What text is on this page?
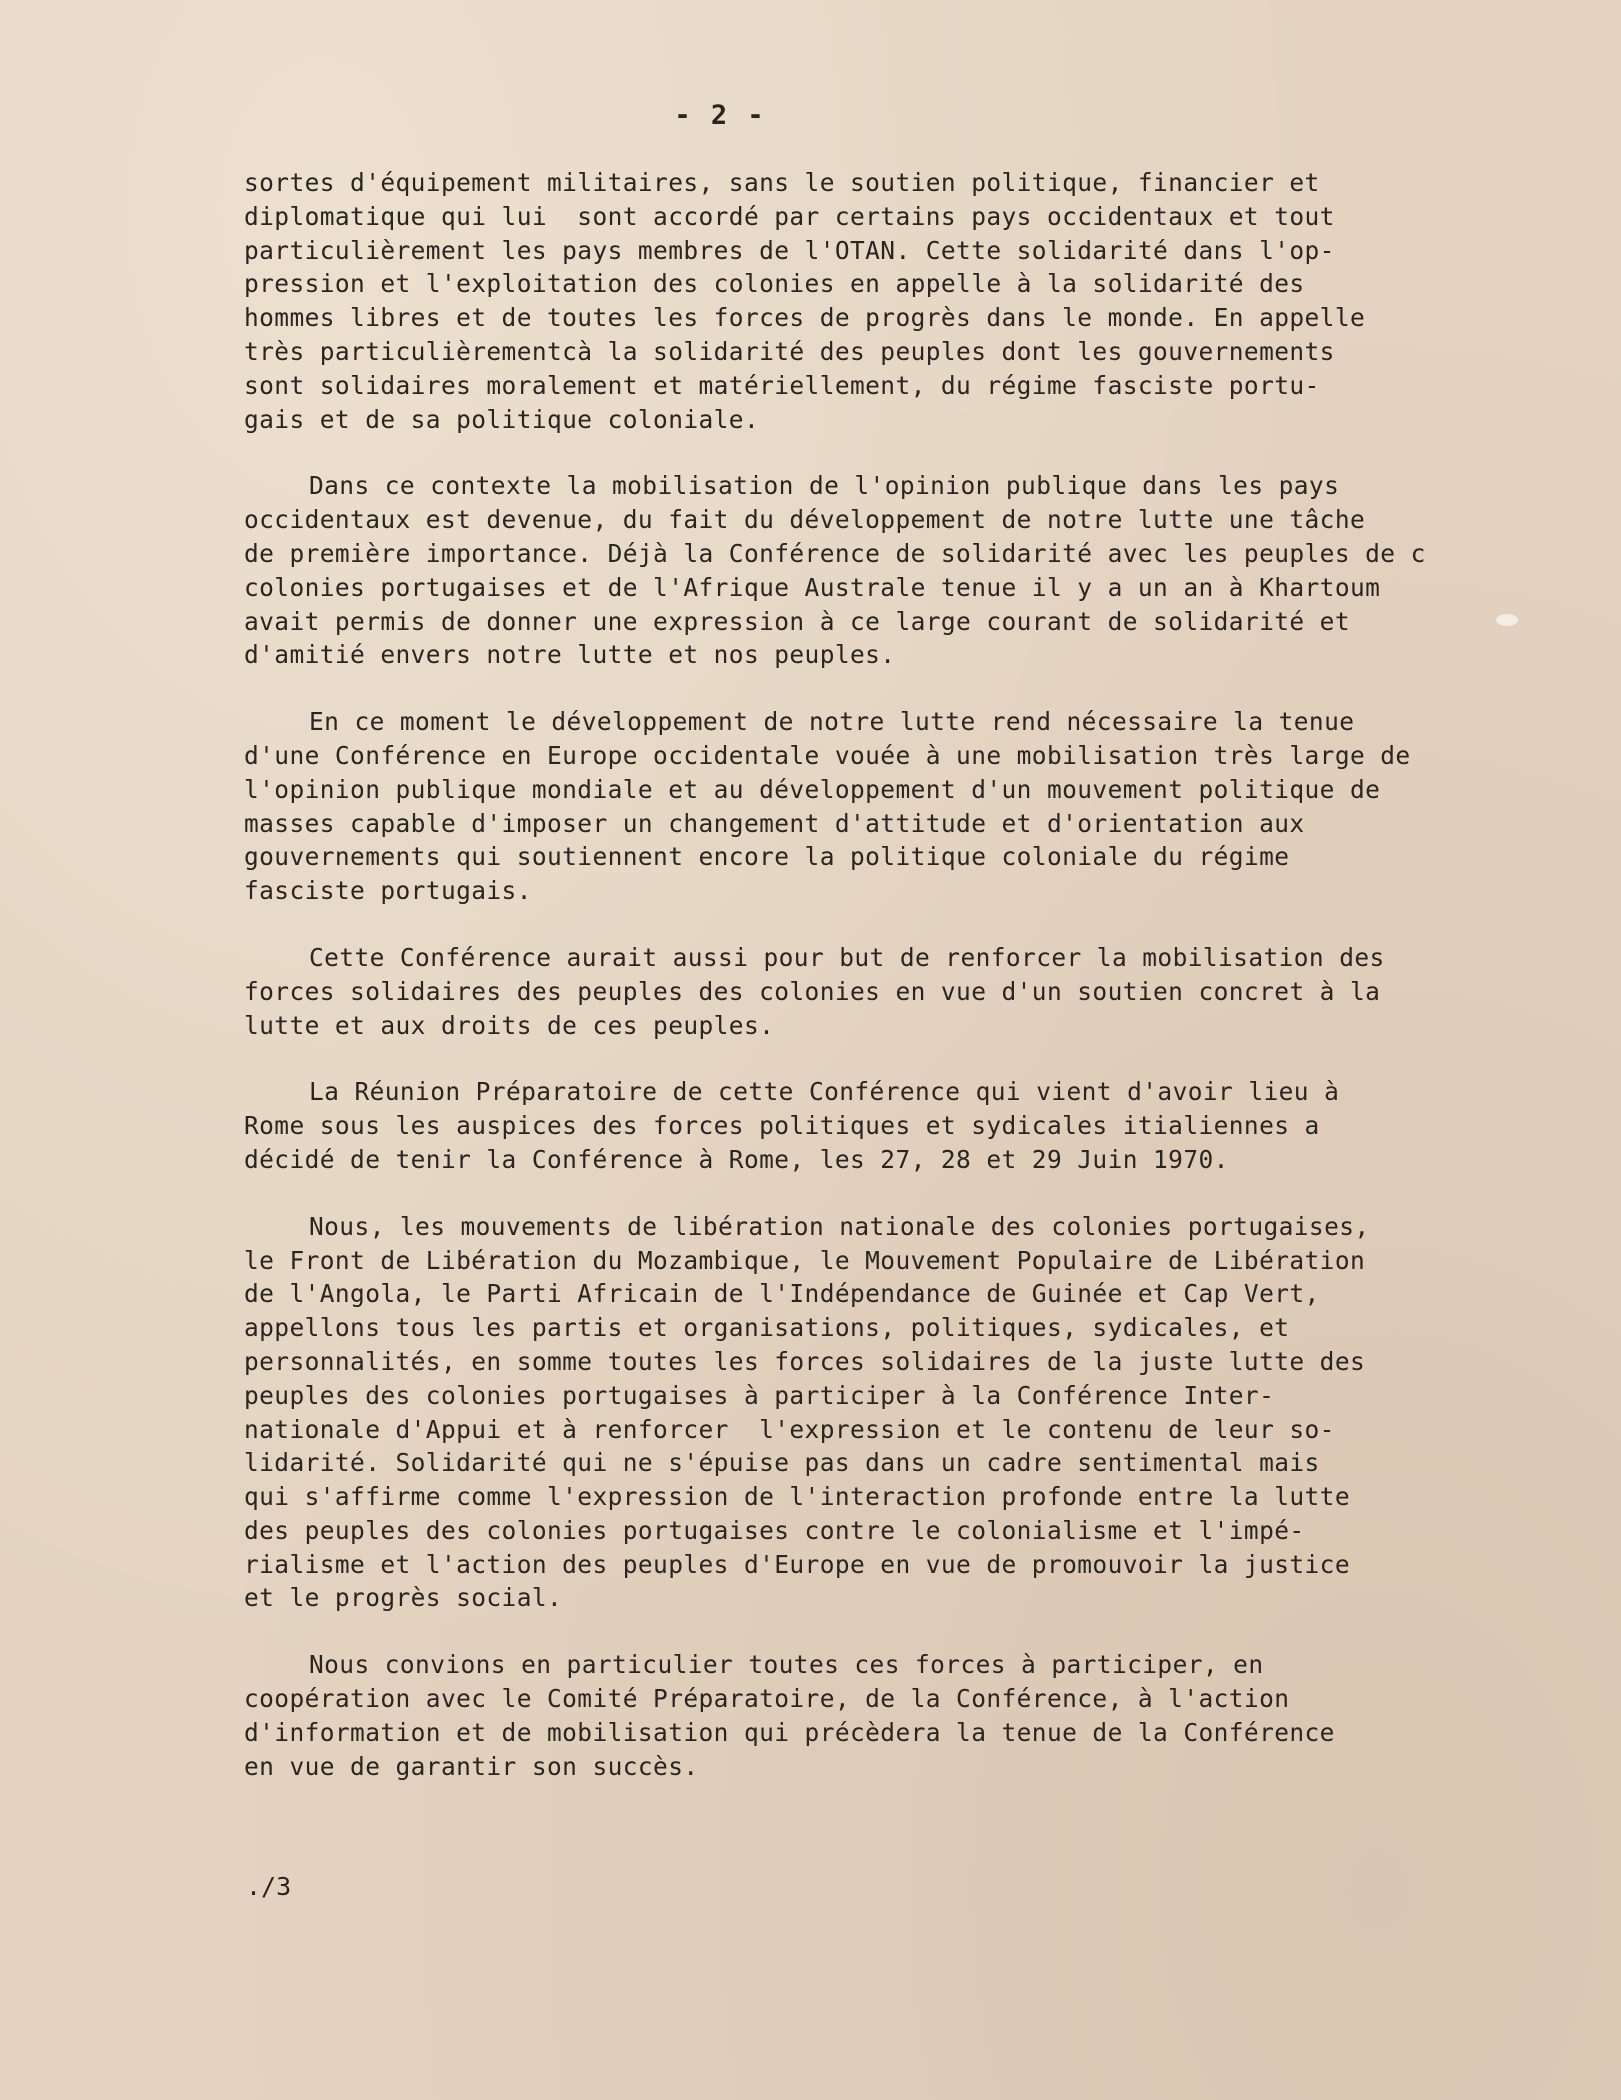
- 2 -

sortes d'équipement militaires, sans le soutien politique, financier et
diplomatique qui lui  sont accordé par certains pays occidentaux et tout
particulièrement les pays membres de l'OTAN. Cette solidarité dans l'op-
pression et l'exploitation des colonies en appelle à la solidarité des
hommes libres et de toutes les forces de progrès dans le monde. En appelle
très particulièrementcà la solidarité des peuples dont les gouvernements
sont solidaires moralement et matériellement, du régime fasciste portu-
gais et de sa politique coloniale.
Dans ce contexte la mobilisation de l'opinion publique dans les pays
occidentaux est devenue, du fait du développement de notre lutte une tâche
de première importance. Déjà la Conférence de solidarité avec les peuples de c
colonies portugaises et de l'Afrique Australe tenue il y a un an à Khartoum
avait permis de donner une expression à ce large courant de solidarité et
d'amitié envers notre lutte et nos peuples.
En ce moment le développement de notre lutte rend nécessaire la tenue
d'une Conférence en Europe occidentale vouée à une mobilisation très large de
l'opinion publique mondiale et au développement d'un mouvement politique de
masses capable d'imposer un changement d'attitude et d'orientation aux
gouvernements qui soutiennent encore la politique coloniale du régime
fasciste portugais.
Cette Conférence aurait aussi pour but de renforcer la mobilisation des
forces solidaires des peuples des colonies en vue d'un soutien concret à la
lutte et aux droits de ces peuples.
La Réunion Préparatoire de cette Conférence qui vient d'avoir lieu à
Rome sous les auspices des forces politiques et sydicales itialiennes a
décidé de tenir la Conférence à Rome, les 27, 28 et 29 Juin 1970.
Nous, les mouvements de libération nationale des colonies portugaises,
le Front de Libération du Mozambique, le Mouvement Populaire de Libération
de l'Angola, le Parti Africain de l'Indépendance de Guinée et Cap Vert,
appellons tous les partis et organisations, politiques, sydicales, et
personnalités, en somme toutes les forces solidaires de la juste lutte des
peuples des colonies portugaises à participer à la Conférence Inter-
nationale d'Appui et à renforcer  l'expression et le contenu de leur so-
lidarité. Solidarité qui ne s'épuise pas dans un cadre sentimental mais
qui s'affirme comme l'expression de l'interaction profonde entre la lutte
des peuples des colonies portugaises contre le colonialisme et l'impé-
rialisme et l'action des peuples d'Europe en vue de promouvoir la justice
et le progrès social.
Nous convions en particulier toutes ces forces à participer, en
coopération avec le Comité Préparatoire, de la Conférence, à l'action
d'information et de mobilisation qui précèdera la tenue de la Conférence
en vue de garantir son succès.

./3
